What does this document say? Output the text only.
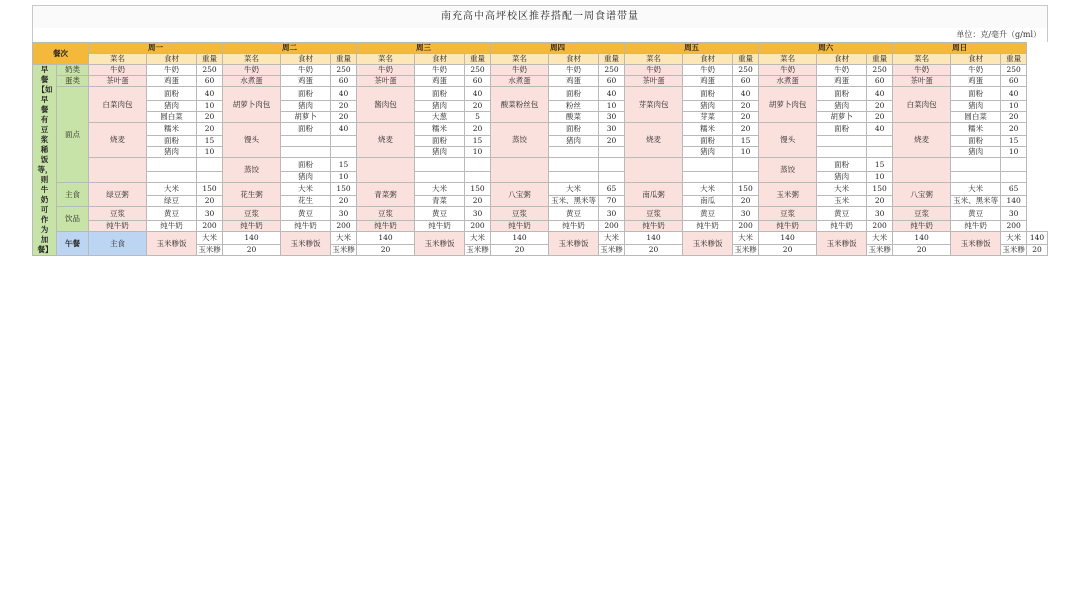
南充高中高坪校区推荐搭配一周食谱带量
单位：克/毫升（g/ml）
餐次		周一			周二			周三			周四			周五			周六			周日			
		菜名	食材	重量	菜名	食材	重量	菜名	食材	重量	菜名	食材	重量	菜名	食材	重量	菜名	食材	重量	菜名	食材	重量	

早餐【如早餐有豆浆稀饭等，则牛奶可作为加餐】	奶类	牛奶	牛奶	250	牛奶	牛奶	250	牛奶	牛奶	250	牛奶	牛奶	250	牛奶	牛奶	250	牛奶	牛奶	250	牛奶	牛奶	250	
	蛋类	茶叶蛋	鸡蛋	60	水煮蛋	鸡蛋	60	茶叶蛋	鸡蛋	60	水煮蛋	鸡蛋	60	茶叶蛋	鸡蛋	60	水煮蛋	鸡蛋	60	茶叶蛋	鸡蛋	60	
	面点	白菜肉包	面粉	40	胡萝卜肉包	面粉	40	酱肉包	面粉	40	酸菜粉丝包	面粉	40	芽菜肉包	面粉	40	胡萝卜肉包	面粉	40	白菜肉包	面粉	40	
			猪肉	10		猪肉	20		猪肉	20		粉丝	10		猪肉	20		猪肉	20		猪肉	10	
			圆白菜	20		胡萝卜	20		大葱	5		酸菜	30		芽菜	20		胡萝卜	20		圆白菜	20	
		烧麦	糯米	20	馒头	面粉	40	烧麦	糯米	20	蒸饺	面粉	30	烧麦	糯米	20	馒头	面粉	40	烧麦	糯米	20	
			面粉	15					面粉	15		猪肉	20		面粉	15					面粉	15	
			猪肉	10					猪肉	10					猪肉	10					猪肉	10	
					蒸饺	面粉	15										蒸饺	面粉	15				
						猪肉	10											猪肉	10				
	主食	绿豆粥	大米	150	花生粥	大米	150	青菜粥	大米	150	八宝粥	大米	65	南瓜粥	大米	150	玉米粥	大米	150	八宝粥	大米	65	
			绿豆	20		花生	20		青菜	20		玉米、黑米等	70		南瓜	20		玉米	20		玉米、黑米等	140	
	饮品	豆浆	黄豆	30	豆浆	黄豆	30	豆浆	黄豆	30	豆浆	黄豆	30	豆浆	黄豆	30	豆浆	黄豆	30	豆浆	黄豆	30	
		纯牛奶	纯牛奶	200	纯牛奶	纯牛奶	200	纯牛奶	纯牛奶	200	纯牛奶	纯牛奶	200	纯牛奶	纯牛奶	200	纯牛奶	纯牛奶	200	纯牛奶	纯牛奶	200	
	午餐	主食	玉米糁饭	大米	140	玉米糁饭	大米	140	玉米糁饭	大米	140	玉米糁饭	大米	140	玉米糁饭	大米	140	玉米糁饭	大米	140	玉米糁饭	大米	140
				玉米糁	20		玉米糁	20		玉米糁	20		玉米糁	20		玉米糁	20		玉米糁	20		玉米糁	20
